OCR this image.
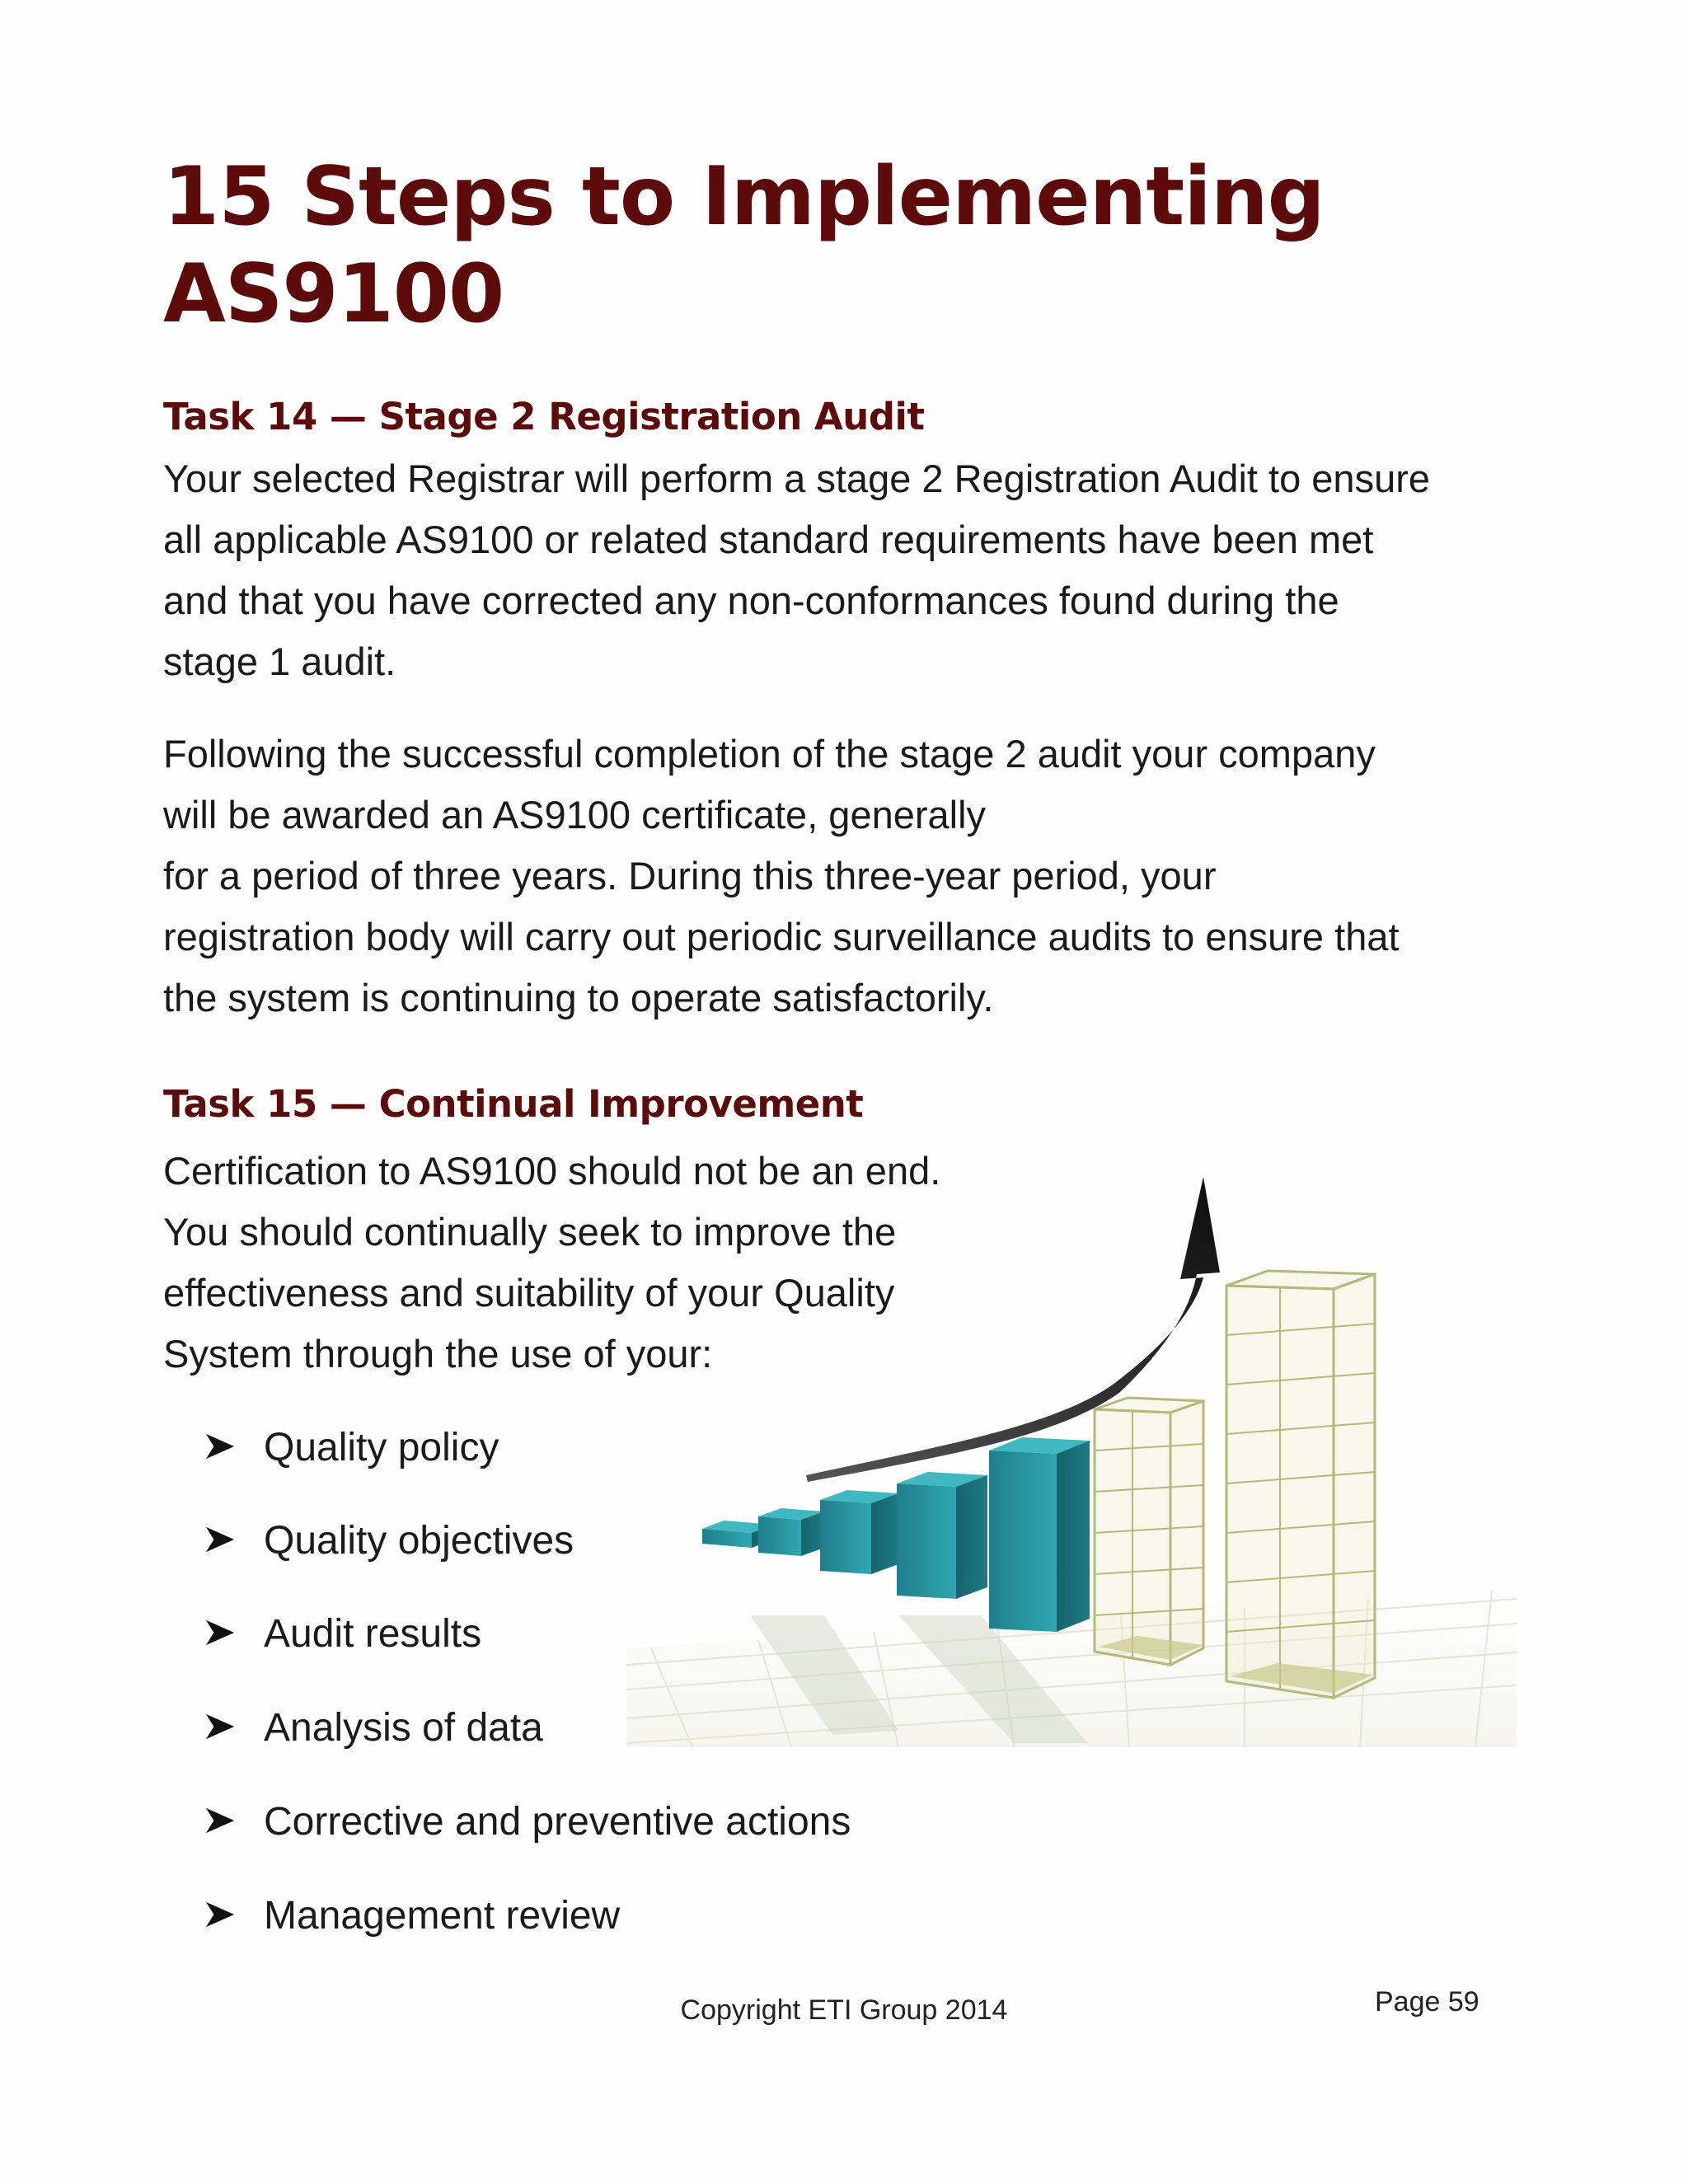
15 Steps to Implementing
AS9100
Task 14 — Stage 2 Registration Audit

Your selected Registrar will perform a stage 2 Registration Audit to ensure
all applicable AS9100 or related standard requirements have been met
and that you have corrected any non-conformances found during the
stage 1 audit.

Following the successful completion of the stage 2 audit your company
will be awarded an AS9100 certificate, generally
for a period of three years. During this three-year period, your
registration body will carry out periodic surveillance audits to ensure that
the system is continuing to operate satisfactorily.

Task 15 — Continual Improvement

Certification to AS9100 should not be an end.
You should continually seek to improve the
effectiveness and suitability of your Quality
System through the use of your:

Quality policy
Quality objectives
Audit results
Analysis of data
Corrective and preventive actions
Management review
Copyright ETI Group 2014	Page 59
